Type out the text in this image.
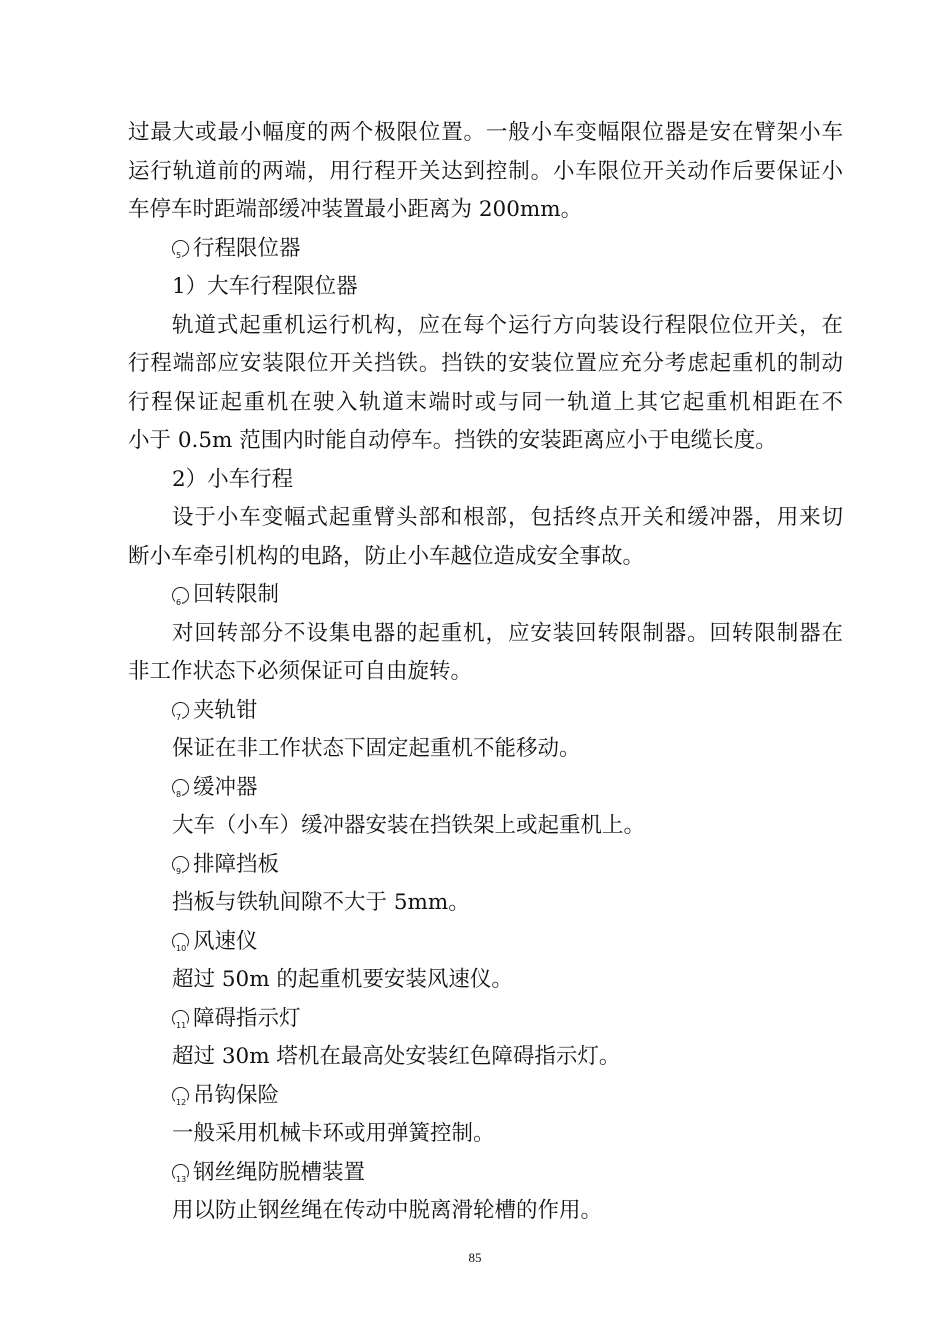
过最大或最小幅度的两个极限位置。一般小车变幅限位器是安在臂架小车
运行轨道前的两端，用行程开关达到控制。小车限位开关动作后要保证小
车停车时距端部缓冲装置最小距离为 200mm。
5 行程限位器
1）大车行程限位器
轨道式起重机运行机构，应在每个运行方向装设行程限位位开关，在
行程端部应安装限位开关挡铁。挡铁的安装位置应充分考虑起重机的制动
行程保证起重机在驶入轨道末端时或与同一轨道上其它起重机相距在不
小于 0.5m 范围内时能自动停车。挡铁的安装距离应小于电缆长度。
2）小车行程
设于小车变幅式起重臂头部和根部，包括终点开关和缓冲器，用来切
断小车牵引机构的电路，防止小车越位造成安全事故。
6 回转限制
对回转部分不设集电器的起重机，应安装回转限制器。回转限制器在
非工作状态下必须保证可自由旋转。
7 夹轨钳
保证在非工作状态下固定起重机不能移动。
8 缓冲器
大车（小车）缓冲器安装在挡铁架上或起重机上。
9 排障挡板
挡板与铁轨间隙不大于 5mm。
10 风速仪
超过 50m 的起重机要安装风速仪。
11 障碍指示灯
超过 30m 塔机在最高处安装红色障碍指示灯。
12 吊钩保险
一般采用机械卡环或用弹簧控制。
13 钢丝绳防脱槽装置
用以防止钢丝绳在传动中脱离滑轮槽的作用。
85
